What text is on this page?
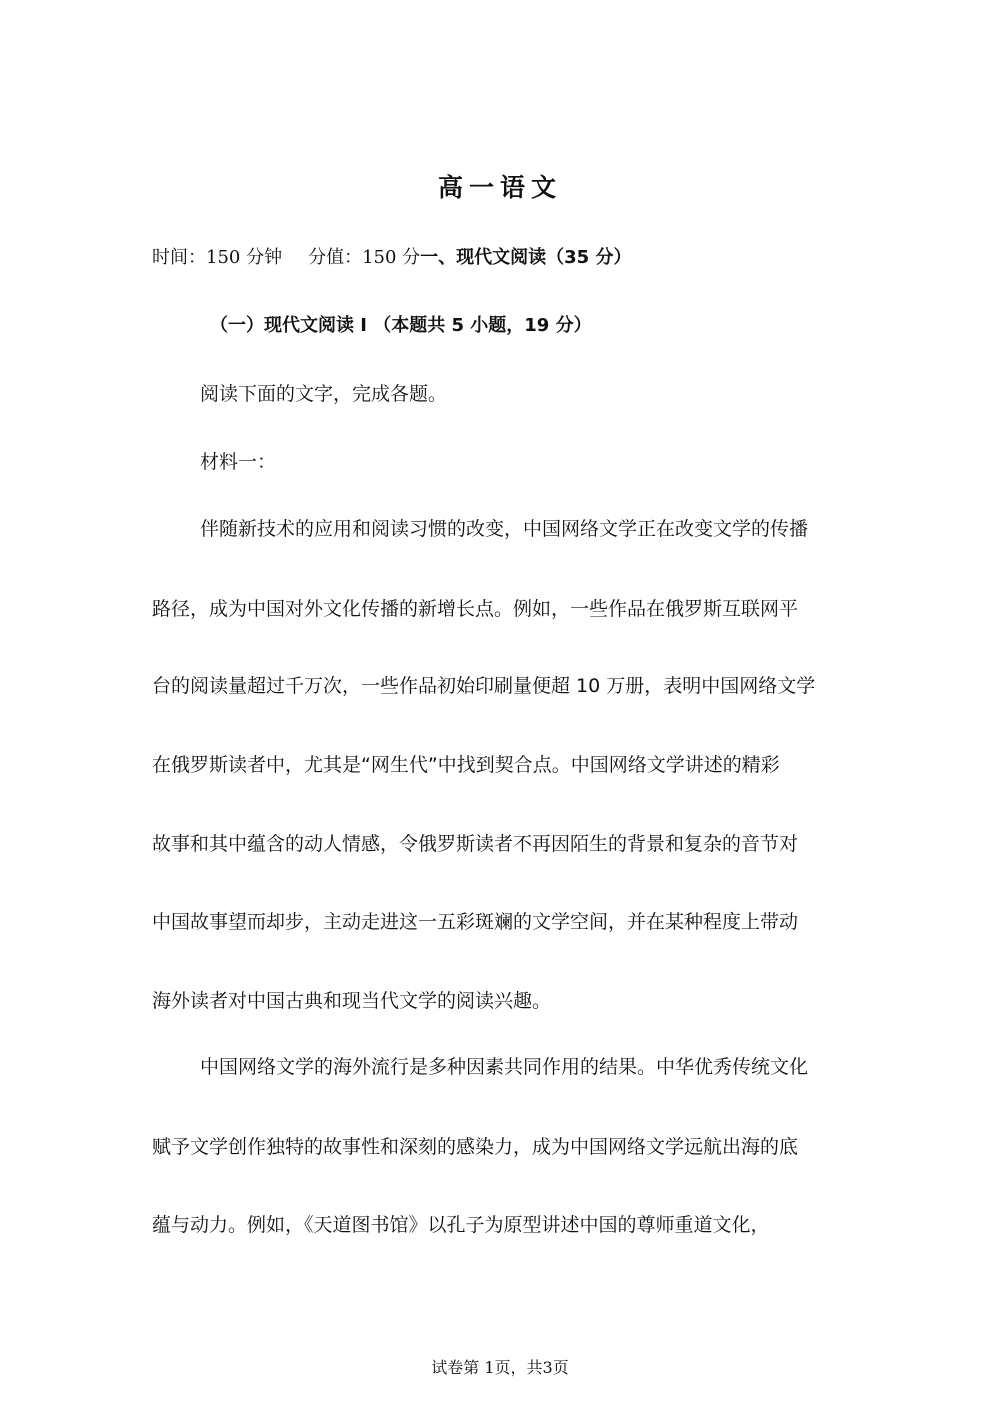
高一语文
时间：150 分钟 分值：150 分一、现代文阅读（35 分）
（一）现代文阅读 I （本题共 5 小题，19 分）
阅读下面的文字，完成各题。
材料一：
伴随新技术的应用和阅读习惯的改变，中国网络文学正在改变文学的传播
路径，成为中国对外文化传播的新增长点。例如，一些作品在俄罗斯互联网平
台的阅读量超过千万次，一些作品初始印刷量便超 10 万册，表明中国网络文学
在俄罗斯读者中，尤其是“网生代”中找到契合点。中国网络文学讲述的精彩
故事和其中蕴含的动人情感，令俄罗斯读者不再因陌生的背景和复杂的音节对
中国故事望而却步，主动走进这一五彩斑斓的文学空间，并在某种程度上带动
海外读者对中国古典和现当代文学的阅读兴趣。
中国网络文学的海外流行是多种因素共同作用的结果。中华优秀传统文化
赋予文学创作独特的故事性和深刻的感染力，成为中国网络文学远航出海的底
蕴与动力。例如，《天道图书馆》以孔子为原型讲述中国的尊师重道文化，
试卷第 1页，共3页
